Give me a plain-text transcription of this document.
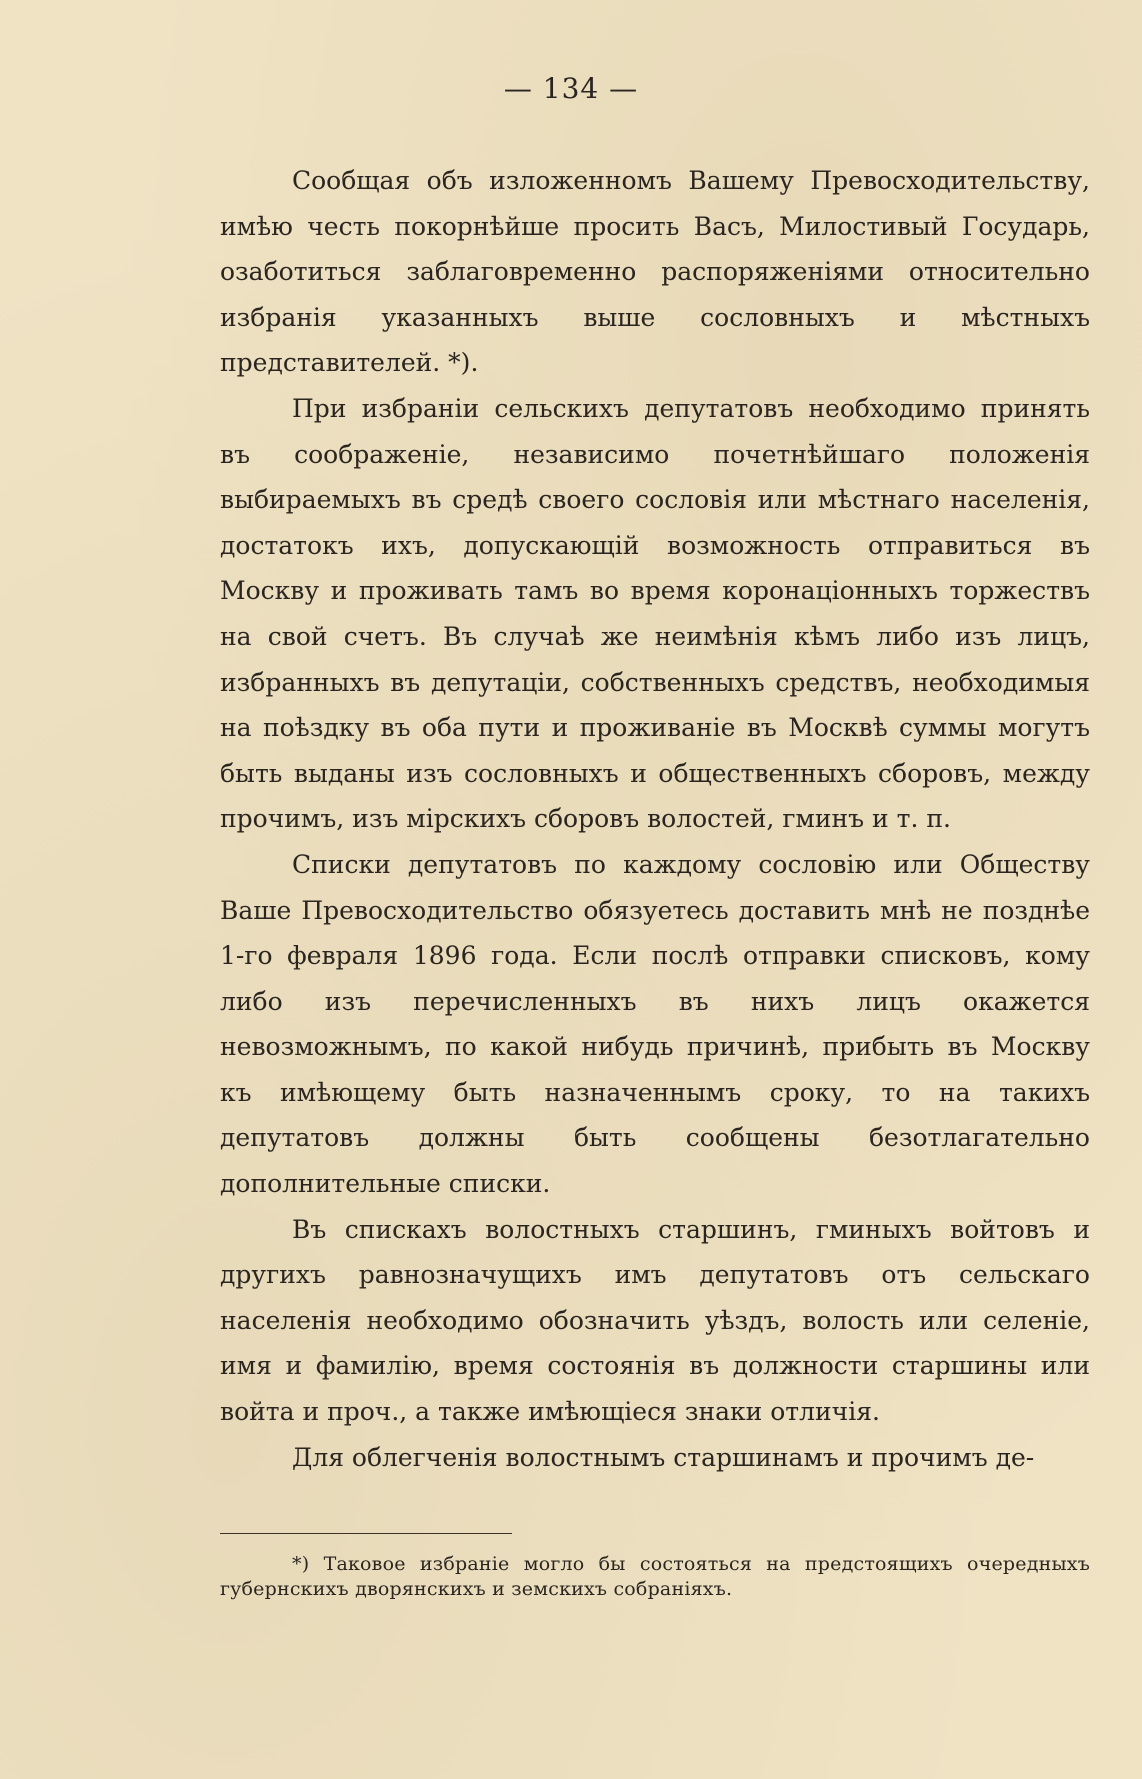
— 134 —

Сообщая объ изложенномъ Вашему Превосходительству, имѣю честь покорнѣйше просить Васъ, Милостивый Государь, озаботиться заблаговременно распоряженіями относительно избранія указанныхъ выше сословныхъ и мѣстныхъ представителей. *).

При избраніи сельскихъ депутатовъ необходимо принять въ соображеніе, независимо почетнѣйшаго положенія выбираемыхъ въ средѣ своего сословія или мѣстнаго населенія, достатокъ ихъ, допускающій возможность отправиться въ Москву и проживать тамъ во время коронаціонныхъ торжествъ на свой счетъ. Въ случаѣ же неимѣнія кѣмъ либо изъ лицъ, избранныхъ въ депутаціи, собственныхъ средствъ, необходимыя на поѣздку въ оба пути и проживаніе въ Москвѣ суммы могутъ быть выданы изъ сословныхъ и общественныхъ сборовъ, между прочимъ, изъ мірскихъ сборовъ волостей, гминъ и т. п.

Списки депутатовъ по каждому сословію или Обществу Ваше Превосходительство обязуетесь доставить мнѣ не позднѣе 1-го февраля 1896 года. Если послѣ отправки списковъ, кому либо изъ перечисленныхъ въ нихъ лицъ окажется невозможнымъ, по какой нибудь причинѣ, прибыть въ Москву къ имѣющему быть назначеннымъ сроку, то на такихъ депутатовъ должны быть сообщены безотлагательно дополнительные списки.

Въ спискахъ волостныхъ старшинъ, гминыхъ войтовъ и другихъ равнозначущихъ имъ депутатовъ отъ сельскаго населенія необходимо обозначить уѣздъ, волость или селеніе, имя и фамилію, время состоянія въ должности старшины или войта и проч., а также имѣющіеся знаки отличія.

Для облегченія волостнымъ старшинамъ и прочимъ де-

*) Таковое избраніе могло бы состояться на предстоящихъ очередныхъ губернскихъ дворянскихъ и земскихъ собраніяхъ.
